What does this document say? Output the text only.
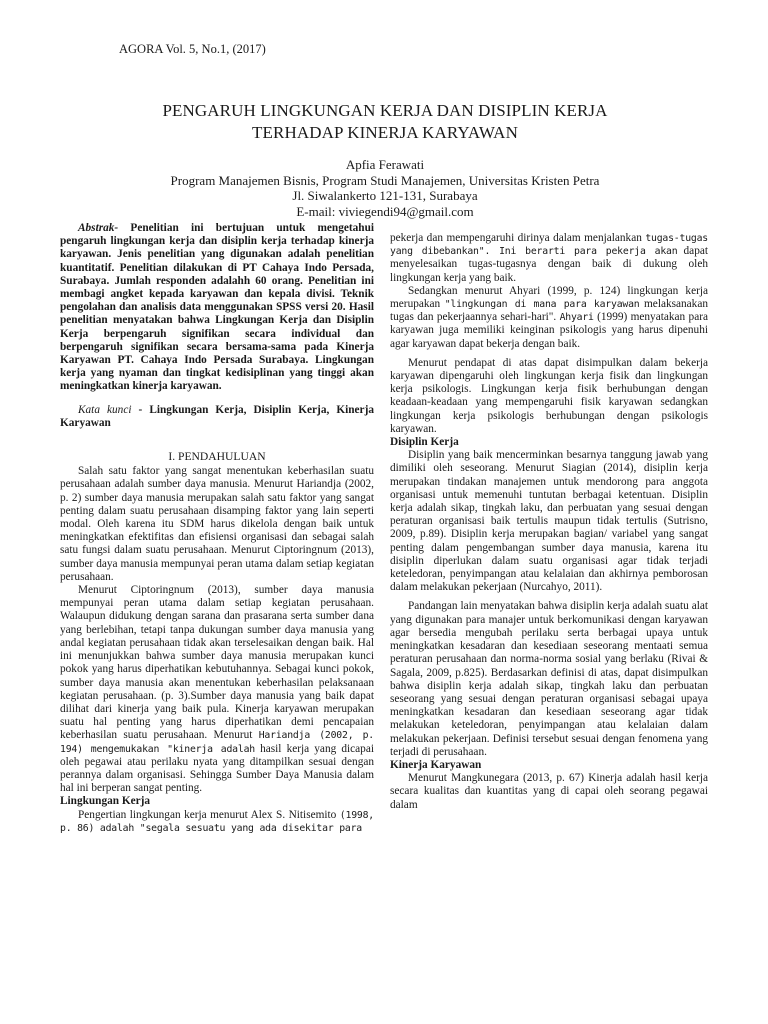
AGORA Vol. 5, No.1, (2017)
PENGARUH LINGKUNGAN KERJA DAN DISIPLIN KERJA
TERHADAP KINERJA KARYAWAN
Apfia Ferawati
Program Manajemen Bisnis, Program Studi Manajemen, Universitas Kristen Petra
Jl. Siwalankerto 121-131, Surabaya
E-mail: viviegendi94@gmail.com

Abstrak- Penelitian ini bertujuan untuk mengetahui pengaruh lingkungan kerja dan disiplin kerja terhadap kinerja karyawan. Jenis penelitian yang digunakan adalah penelitian kuantitatif. Penelitian dilakukan di PT Cahaya Indo Persada, Surabaya. Jumlah responden adalahh 60 orang. Penelitian ini membagi angket kepada karyawan dan kepala divisi. Teknik pengolahan dan analisis data menggunakan SPSS versi 20. Hasil penelitian menyatakan bahwa Lingkungan Kerja dan Disiplin Kerja berpengaruh signifikan secara individual dan berpengaruh signifikan secara bersama-sama pada Kinerja Karyawan PT. Cahaya Indo Persada Surabaya. Lingkungan kerja yang nyaman dan tingkat kedisiplinan yang tinggi akan meningkatkan kinerja karyawan.

Kata kunci - Lingkungan Kerja, Disiplin Kerja, Kinerja Karyawan

I. PENDAHULUAN

Salah satu faktor yang sangat menentukan keberhasilan suatu perusahaan adalah sumber daya manusia. Menurut Hariandja (2002, p. 2) sumber daya manusia merupakan salah satu faktor yang sangat penting dalam suatu perusahaan disamping faktor yang lain seperti modal. Oleh karena itu SDM harus dikelola dengan baik untuk meningkatkan efektifitas dan efisiensi organisasi dan sebagai salah satu fungsi dalam suatu perusahaan. Menurut Ciptoringnum (2013), sumber daya manusia mempunyai peran utama dalam setiap kegiatan perusahaan.

Menurut Ciptoringnum (2013), sumber daya manusia mempunyai peran utama dalam setiap kegiatan perusahaan. Walaupun didukung dengan sarana dan prasarana serta sumber dana yang berlebihan, tetapi tanpa dukungan sumber daya manusia yang andal kegiatan perusahaan tidak akan terselesaikan dengan baik. Hal ini menunjukkan bahwa sumber daya manusia merupakan kunci pokok yang harus diperhatikan kebutuhannya. Sebagai kunci pokok, sumber daya manusia akan menentukan keberhasilan pelaksanaan kegiatan perusahaan. (p. 3).Sumber daya manusia yang baik dapat dilihat dari kinerja yang baik pula. Kinerja karyawan merupakan suatu hal penting yang harus diperhatikan demi pencapaian keberhasilan suatu perusahaan. Menurut Hariandja (2002, p. 194) mengemukakan "kinerja adalah hasil kerja yang dicapai oleh pegawai atau perilaku nyata yang ditampilkan sesuai dengan perannya dalam organisasi. Sehingga Sumber Daya Manusia dalam hal ini berperan sangat penting.

Lingkungan Kerja

Pengertian lingkungan kerja menurut Alex S. Nitisemito (1998, p. 86) adalah "segala sesuatu yang ada disekitar para

pekerja dan mempengaruhi dirinya dalam menjalankan tugas-tugas yang dibebankan". Ini berarti para pekerja akan dapat menyelesaikan tugas-tugasnya dengan baik di dukung oleh lingkungan kerja yang baik.

Sedangkan menurut Ahyari (1999, p. 124) lingkungan kerja merupakan "lingkungan di mana para karyawan melaksanakan tugas dan pekerjaannya sehari-hari". Ahyari (1999) menyatakan para karyawan juga memiliki keinginan psikologis yang harus dipenuhi agar karyawan dapat bekerja dengan baik.

Menurut pendapat di atas dapat disimpulkan dalam bekerja karyawan dipengaruhi oleh lingkungan kerja fisik dan lingkungan kerja psikologis. Lingkungan kerja fisik berhubungan dengan keadaan-keadaan yang mempengaruhi fisik karyawan sedangkan lingkungan kerja psikologis berhubungan dengan psikologis karyawan.

Disiplin Kerja

Disiplin yang baik mencerminkan besarnya tanggung jawab yang dimiliki oleh seseorang. Menurut Siagian (2014), disiplin kerja merupakan tindakan manajemen untuk mendorong para anggota organisasi untuk memenuhi tuntutan berbagai ketentuan. Disiplin kerja adalah sikap, tingkah laku, dan perbuatan yang sesuai dengan peraturan organisasi baik tertulis maupun tidak tertulis (Sutrisno, 2009, p.89). Disiplin kerja merupakan bagian/ variabel yang sangat penting dalam pengembangan sumber daya manusia, karena itu disiplin diperlukan dalam suatu organisasi agar tidak terjadi keteledoran, penyimpangan atau kelalaian dan akhirnya pemborosan dalam melakukan pekerjaan (Nurcahyo, 2011).

Pandangan lain menyatakan bahwa disiplin kerja adalah suatu alat yang digunakan para manajer untuk berkomunikasi dengan karyawan agar bersedia mengubah perilaku serta berbagai upaya untuk meningkatkan kesadaran dan kesediaan seseorang mentaati semua peraturan perusahaan dan norma-norma sosial yang berlaku (Rivai & Sagala, 2009, p.825). Berdasarkan definisi di atas, dapat disimpulkan bahwa disiplin kerja adalah sikap, tingkah laku dan perbuatan seseorang yang sesuai dengan peraturan organisasi sebagai upaya meningkatkan kesadaran dan kesediaan seseorang agar tidak melakukan keteledoran, penyimpangan atau kelalaian dalam melakukan pekerjaan. Definisi tersebut sesuai dengan fenomena yang terjadi di perusahaan.

Kinerja Karyawan

Menurut Mangkunegara (2013, p. 67) Kinerja adalah hasil kerja secara kualitas dan kuantitas yang di capai oleh seorang pegawai dalam
